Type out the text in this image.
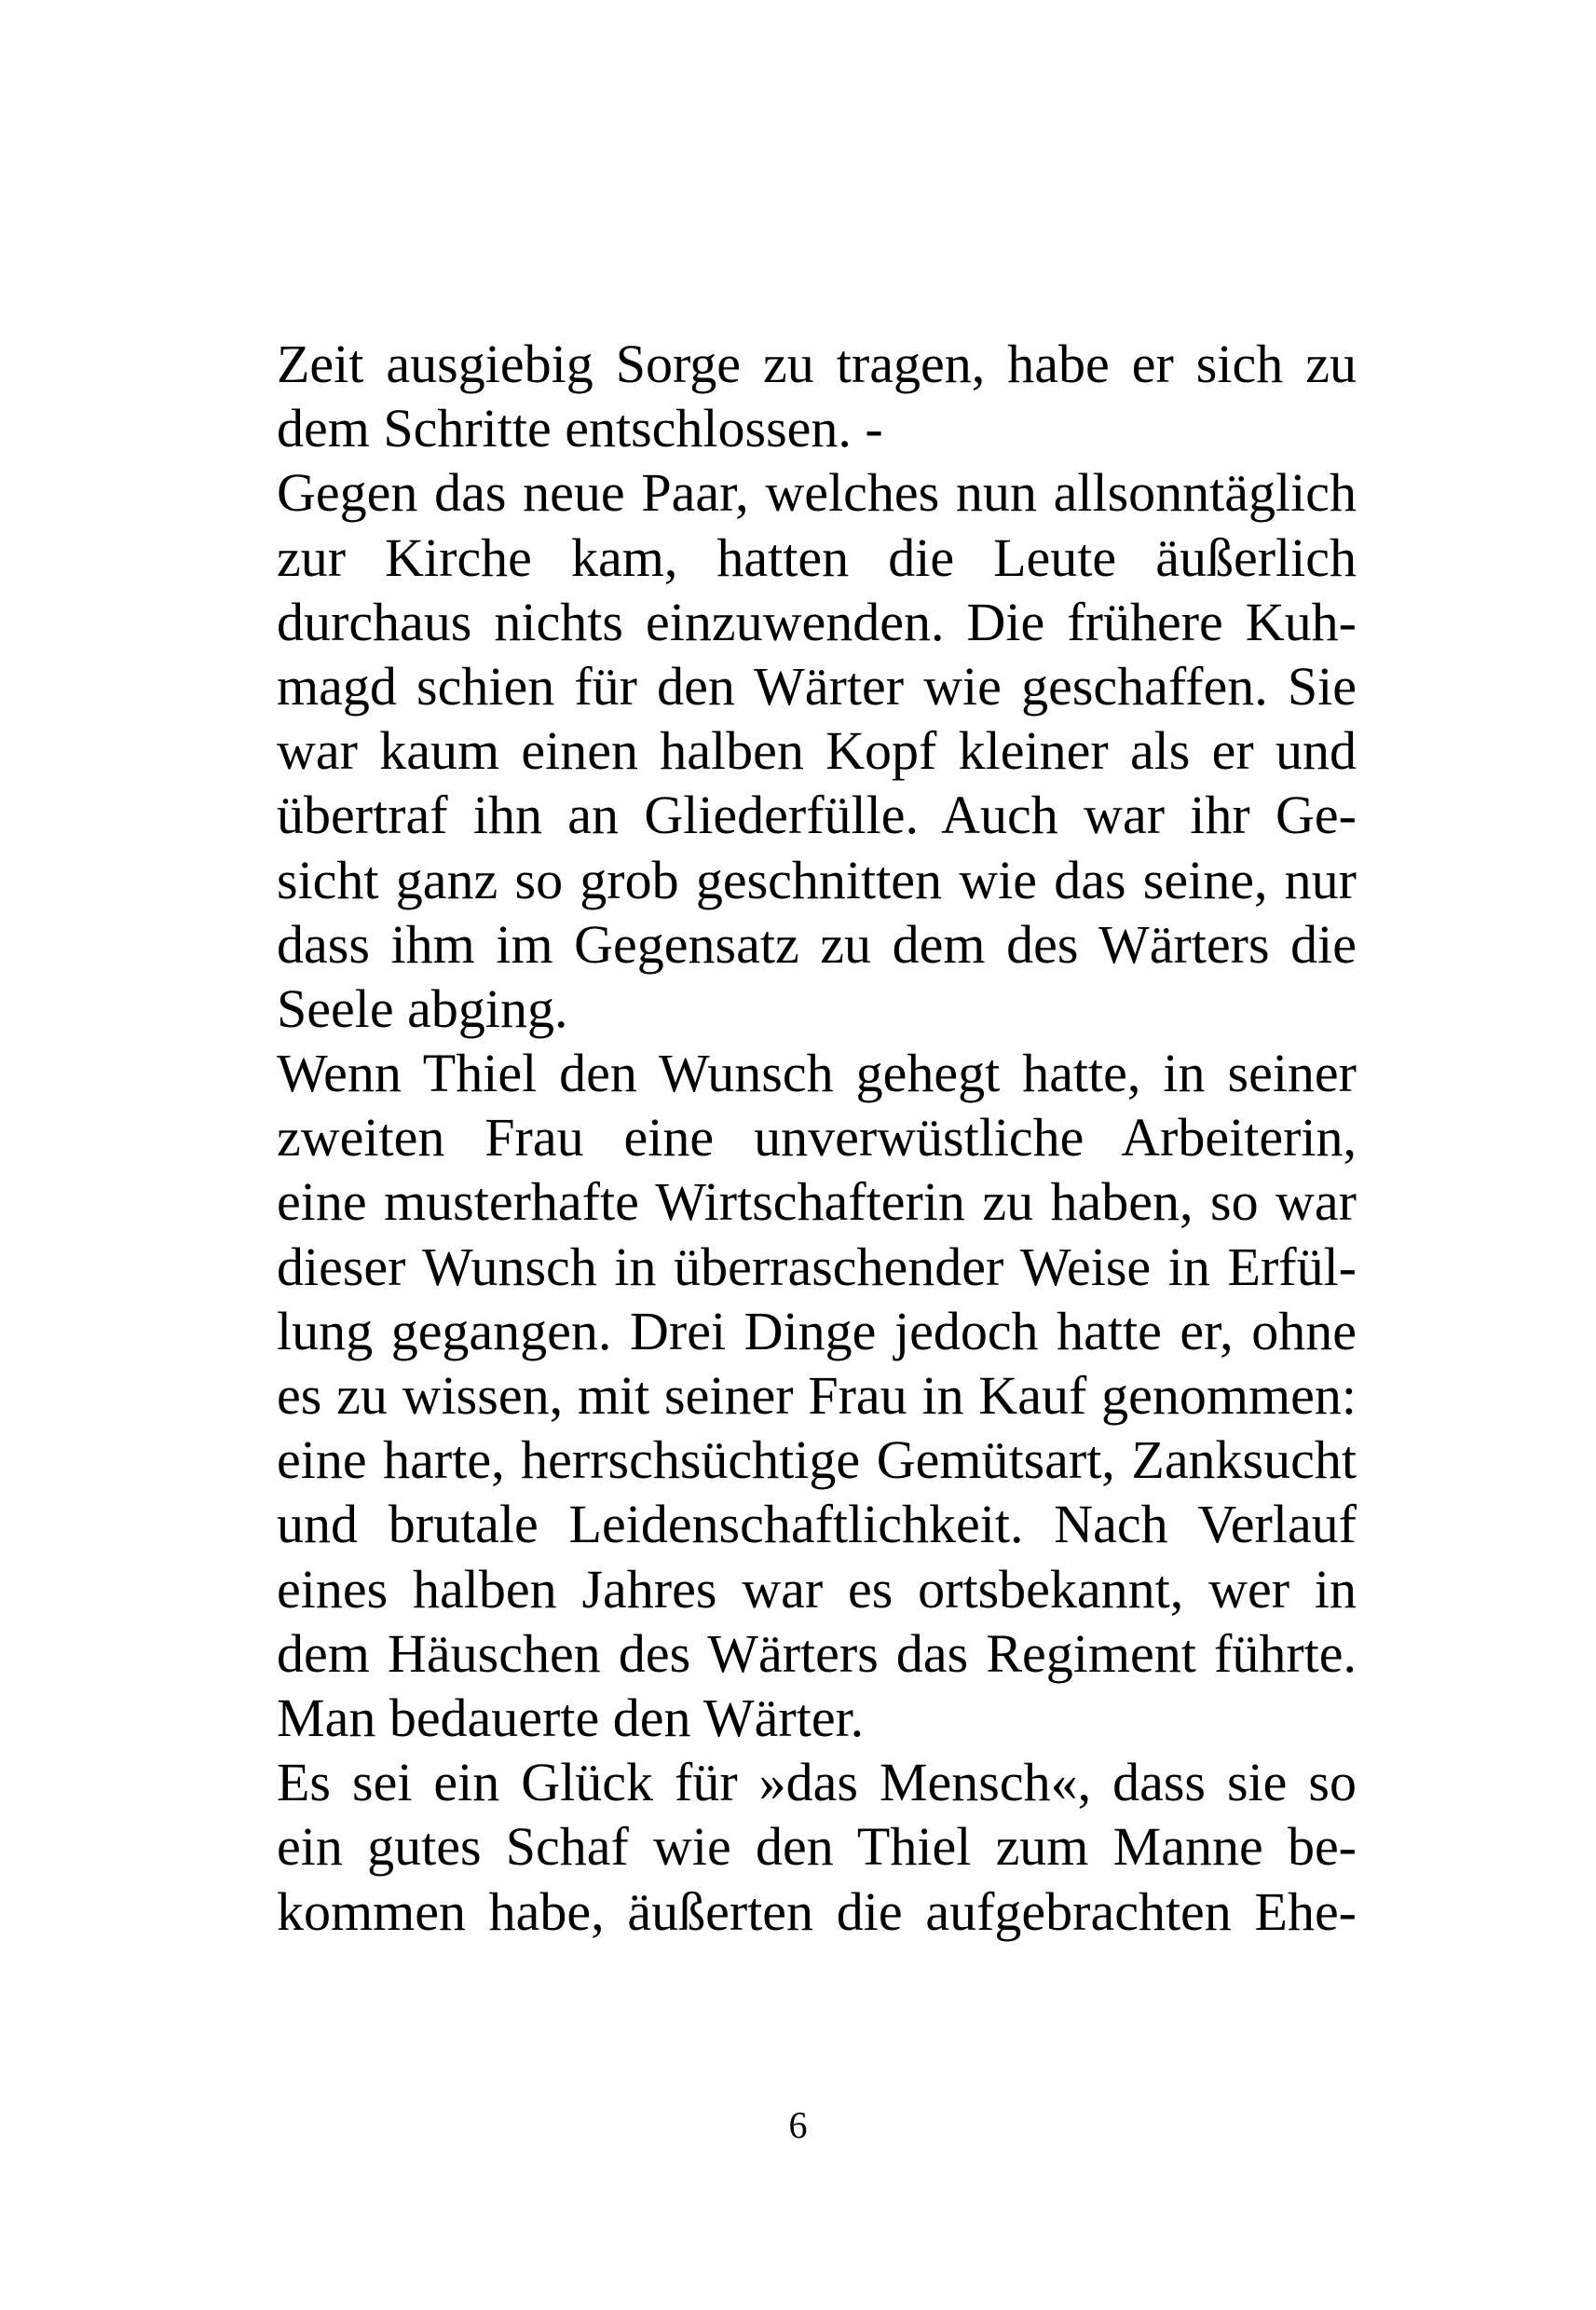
Zeit ausgiebig Sorge zu tragen, habe er sich zu
dem Schritte entschlossen. -
Gegen das neue Paar, welches nun allsonntäglich
zur Kirche kam, hatten die Leute äußerlich
durchaus nichts einzuwenden. Die frühere Kuh-
magd schien für den Wärter wie geschaffen. Sie
war kaum einen halben Kopf kleiner als er und
übertraf ihn an Gliederfülle. Auch war ihr Ge-
sicht ganz so grob geschnitten wie das seine, nur
dass ihm im Gegensatz zu dem des Wärters die
Seele abging.
Wenn Thiel den Wunsch gehegt hatte, in seiner
zweiten Frau eine unverwüstliche Arbeiterin,
eine musterhafte Wirtschafterin zu haben, so war
dieser Wunsch in überraschender Weise in Erfül-
lung gegangen. Drei Dinge jedoch hatte er, ohne
es zu wissen, mit seiner Frau in Kauf genommen:
eine harte, herrschsüchtige Gemütsart, Zanksucht
und brutale Leidenschaftlichkeit. Nach Verlauf
eines halben Jahres war es ortsbekannt, wer in
dem Häuschen des Wärters das Regiment führte.
Man bedauerte den Wärter.
Es sei ein Glück für »das Mensch«, dass sie so
ein gutes Schaf wie den Thiel zum Manne be-
kommen habe, äußerten die aufgebrachten Ehe-
6
